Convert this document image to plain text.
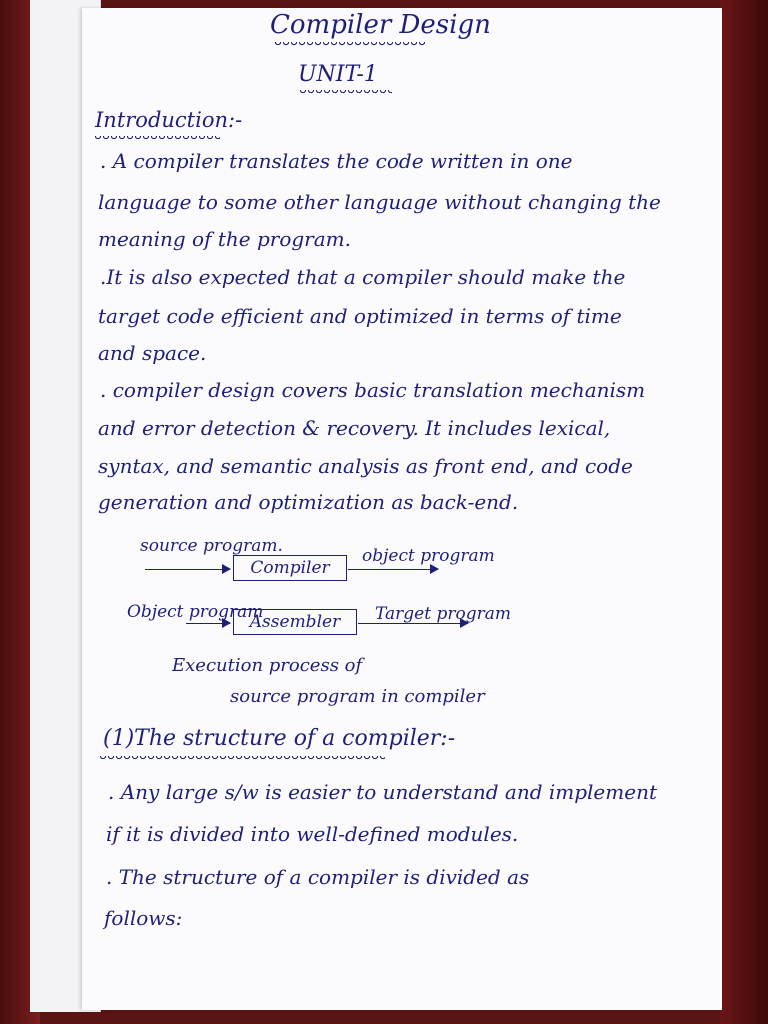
Compiler Design
UNIT-1
Introduction:-
. A compiler translates the code written in one
language to some other language without changing the
meaning of the program.
.It is also expected that a compiler should make the
target code efficient and optimized in terms of time
and space.
. compiler design covers basic translation mechanism
and error detection & recovery. It includes lexical,
syntax, and semantic analysis as front end, and code
generation and optimization as back-end.
source program.
Compiler
object program
Object program
Assembler	Target program
Execution process of
source program in compiler
(1)The structure of a compiler:-
. Any large s/w is easier to understand and implement
if it is divided into well-defined modules.
. The structure of a compiler is divided as
follows:
